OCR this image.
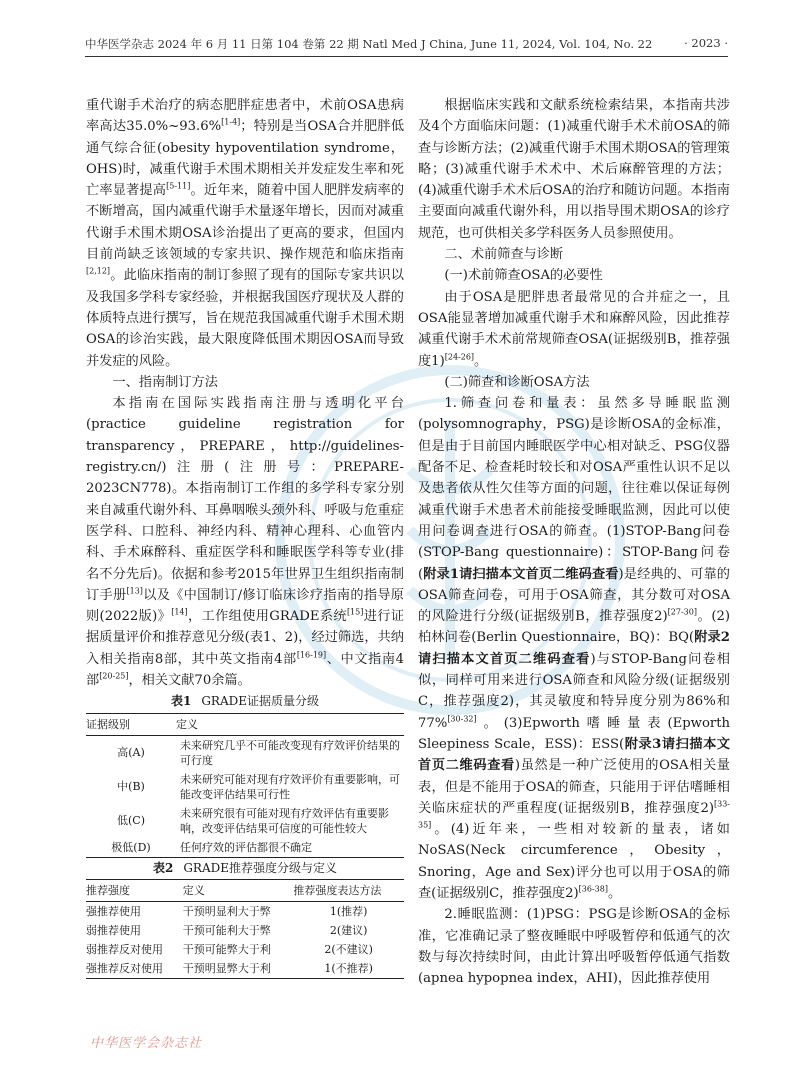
中华医学杂志 2024 年 6 月 11 日第 104 卷第 22 期 Natl Med J China, June 11, 2024, Vol. 104, No. 22	· 2023 ·

重代谢手术治疗的病态肥胖症患者中，术前OSA患病率高达35.0%~93.6%[1-4]；特别是当OSA合并肥胖低通气综合征(obesity hypoventilation syndrome，OHS)时，减重代谢手术围术期相关并发症发生率和死亡率显著提高[5-11]。近年来，随着中国人肥胖发病率的不断增高，国内减重代谢手术量逐年增长，因而对减重代谢手术围术期OSA诊治提出了更高的要求，但国内目前尚缺乏该领域的专家共识、操作规范和临床指南[2,12]。此临床指南的制订参照了现有的国际专家共识以及我国多学科专家经验，并根据我国医疗现状及人群的体质特点进行撰写，旨在规范我国减重代谢手术围术期OSA的诊治实践，最大限度降低围术期因OSA而导致并发症的风险。

一、指南制订方法

本指南在国际实践指南注册与透明化平台(practice guideline registration for transparency，PREPARE，http://guidelines-registry.cn/)注册(注册号：PREPARE-2023CN778)。本指南制订工作组的多学科专家分别来自减重代谢外科、耳鼻咽喉头颈外科、呼吸与危重症医学科、口腔科、神经内科、精神心理科、心血管内科、手术麻醉科、重症医学科和睡眠医学科等专业(排名不分先后)。依据和参考2015年世界卫生组织指南制订手册[13]以及《中国制订/修订临床诊疗指南的指导原则(2022版)》[14]，工作组使用GRADE系统[15]进行证据质量评价和推荐意见分级(表1、2)，经过筛选，共纳入相关指南8部，其中英文指南4部[16-19]、中文指南4部[20-25]，相关文献70余篇。

表1 GRADE证据质量分级

证据级别	定义
高(A)	未来研究几乎不可能改变现有疗效评价结果的可行度
中(B)	未来研究可能对现有疗效评价有重要影响，可能改变评估结果可行性
低(C)	未来研究很有可能对现有疗效评估有重要影响，改变评估结果可信度的可能性较大
极低(D)	任何疗效的评估都很不确定

表2 GRADE推荐强度分级与定义

推荐强度	定义	推荐强度表达方法
强推荐使用	干预明显利大于弊	1(推荐)
弱推荐使用	干预可能利大于弊	2(建议)
弱推荐反对使用	干预可能弊大于利	2(不建议)
强推荐反对使用	干预明显弊大于利	1(不推荐)

根据临床实践和文献系统检索结果，本指南共涉及4个方面临床问题：(1)减重代谢手术术前OSA的筛查与诊断方法；(2)减重代谢手术围术期OSA的管理策略；(3)减重代谢手术术中、术后麻醉管理的方法；(4)减重代谢手术术后OSA的治疗和随访问题。本指南主要面向减重代谢外科，用以指导围术期OSA的诊疗规范，也可供相关多学科医务人员参照使用。

二、术前筛查与诊断

(一)术前筛查OSA的必要性

由于OSA是肥胖患者最常见的合并症之一，且OSA能显著增加减重代谢手术和麻醉风险，因此推荐减重代谢手术术前常规筛查OSA(证据级别B，推荐强度1)[24-26]。

(二)筛查和诊断OSA方法

1.筛查问卷和量表：虽然多导睡眠监测(polysomnography，PSG)是诊断OSA的金标准，但是由于目前国内睡眠医学中心相对缺乏、PSG仪器配备不足、检查耗时较长和对OSA严重性认识不足以及患者依从性欠佳等方面的问题，往往难以保证每例减重代谢手术患者术前能接受睡眠监测，因此可以使用问卷调查进行OSA的筛查。(1)STOP-Bang问卷(STOP-Bang questionnaire)：STOP-Bang问卷(附录1请扫描本文首页二维码查看)是经典的、可靠的OSA筛查问卷，可用于OSA筛查，其分数可对OSA的风险进行分级(证据级别B，推荐强度2)[27-30]。(2)柏林问卷(Berlin Questionnaire，BQ)：BQ(附录2请扫描本文首页二维码查看)与STOP-Bang问卷相似，同样可用来进行OSA筛查和风险分级(证据级别C，推荐强度2)，其灵敏度和特异度分别为86%和77%[30-32]。(3)Epworth嗜睡量表(Epworth Sleepiness Scale，ESS)：ESS(附录3请扫描本文首页二维码查看)虽然是一种广泛使用的OSA相关量表，但是不能用于OSA的筛查，只能用于评估嗜睡相关临床症状的严重程度(证据级别B，推荐强度2)[33-35]。(4)近年来，一些相对较新的量表，诸如NoSAS(Neck circumference，Obesity，Snoring，Age and Sex)评分也可以用于OSA的筛查(证据级别C，推荐强度2)[36-38]。

2.睡眠监测：(1)PSG：PSG是诊断OSA的金标准，它准确记录了整夜睡眠中呼吸暂停和低通气的次数与每次持续时间，由此计算出呼吸暂停低通气指数(apnea hypopnea index，AHI)，因此推荐使用

中华医学会杂志社
